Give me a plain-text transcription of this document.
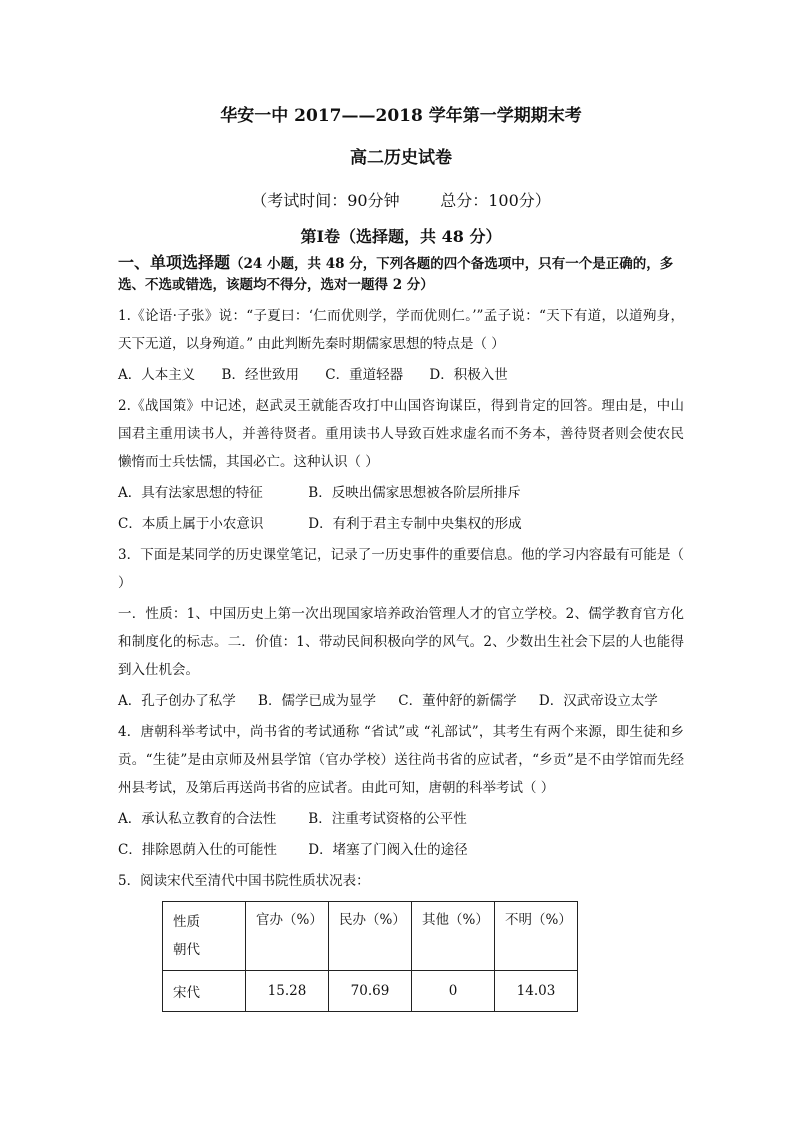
华安一中 2017——2018 学年第一学期期末考
高二历史试卷
（考试时间：90分钟        总分：100分）
第Ⅰ卷（选择题，共 48 分）
一、单项选择题（24 小题，共 48 分，下列各题的四个备选项中，只有一个是正确的，多选、不选或错选，该题均不得分，选对一题得 2 分）

1.《论语·子张》说：“子夏曰：‘仁而优则学，学而优则仁。’”孟子说：“天下有道，以道殉身，天下无道，以身殉道。” 由此判断先秦时期儒家思想的特点是（ ）

A．人本主义 B．经世致用 C．重道轻器 D．积极入世

2.《战国策》中记述，赵武灵王就能否攻打中山国咨询谋臣，得到肯定的回答。理由是，中山国君主重用读书人，并善待贤者。重用读书人导致百姓求虚名而不务本，善待贤者则会使农民懒惰而士兵怯懦，其国必亡。这种认识（ ）

A．具有法家思想的特征	B．反映出儒家思想被各阶层所排斥
C．本质上属于小农意识	D．有利于君主专制中央集权的形成

3．下面是某同学的历史课堂笔记，记录了一历史事件的重要信息。他的学习内容最有可能是（ ）

一．性质：1、中国历史上第一次出现国家培养政治管理人才的官立学校。2、儒学教育官方化和制度化的标志。二．价值：1、带动民间积极向学的风气。2、少数出生社会下层的人也能得到入仕机会。

A．孔子创办了私学 B．儒学已成为显学 C．董仲舒的新儒学 D．汉武帝设立太学

4．唐朝科举考试中，尚书省的考试通称 “省试”或 “礼部试”，其考生有两个来源，即生徒和乡贡。“生徒”是由京师及州县学馆（官办学校）送往尚书省的应试者，“乡贡”是不由学馆而先经州县考试，及第后再送尚书省的应试者。由此可知，唐朝的科举考试（ ）

A．承认私立教育的合法性 B．注重考试资格的公平性
C．排除恩荫入仕的可能性 D．堵塞了门阀入仕的途径

5．阅读宋代至清代中国书院性质状况表：

性质
朝代	官办（%）	民办（%）	其他（%）	不明（%）
宋代	15.28	70.69	0	14.03
